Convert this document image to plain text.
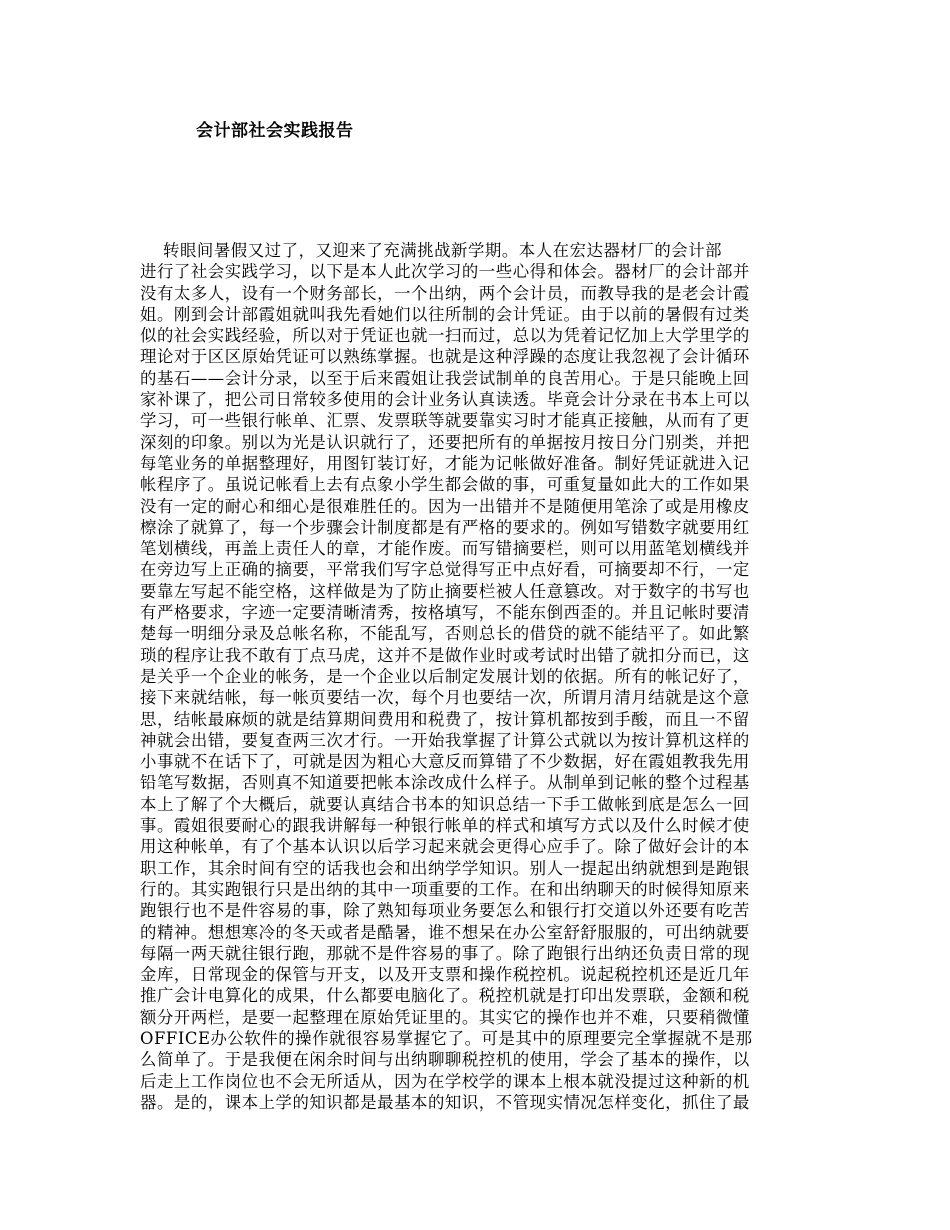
会计部社会实践报告
转眼间暑假又过了，又迎来了充满挑战新学期。本人在宏达器材厂的会计部
进行了社会实践学习，以下是本人此次学习的一些心得和体会。器材厂的会计部并
没有太多人，设有一个财务部长，一个出纳，两个会计员，而教导我的是老会计霞
姐。刚到会计部霞姐就叫我先看她们以往所制的会计凭证。由于以前的暑假有过类
似的社会实践经验，所以对于凭证也就一扫而过，总以为凭着记忆加上大学里学的
理论对于区区原始凭证可以熟练掌握。也就是这种浮躁的态度让我忽视了会计循环
的基石——会计分录，以至于后来霞姐让我尝试制单的良苦用心。于是只能晚上回
家补课了，把公司日常较多使用的会计业务认真读透。毕竟会计分录在书本上可以
学习，可一些银行帐单、汇票、发票联等就要靠实习时才能真正接触，从而有了更
深刻的印象。别以为光是认识就行了，还要把所有的单据按月按日分门别类，并把
每笔业务的单据整理好，用图钉装订好，才能为记帐做好准备。制好凭证就进入记
帐程序了。虽说记帐看上去有点象小学生都会做的事，可重复量如此大的工作如果
没有一定的耐心和细心是很难胜任的。因为一出错并不是随便用笔涂了或是用橡皮
檫涂了就算了，每一个步骤会计制度都是有严格的要求的。例如写错数字就要用红
笔划横线，再盖上责任人的章，才能作废。而写错摘要栏，则可以用蓝笔划横线并
在旁边写上正确的摘要，平常我们写字总觉得写正中点好看，可摘要却不行，一定
要靠左写起不能空格，这样做是为了防止摘要栏被人任意篡改。对于数字的书写也
有严格要求，字迹一定要清晰清秀，按格填写，不能东倒西歪的。并且记帐时要清
楚每一明细分录及总帐名称，不能乱写，否则总长的借贷的就不能结平了。如此繁
琐的程序让我不敢有丁点马虎，这并不是做作业时或考试时出错了就扣分而已，这
是关乎一个企业的帐务，是一个企业以后制定发展计划的依据。所有的帐记好了，
接下来就结帐，每一帐页要结一次，每个月也要结一次，所谓月清月结就是这个意
思，结帐最麻烦的就是结算期间费用和税费了，按计算机都按到手酸，而且一不留
神就会出错，要复查两三次才行。一开始我掌握了计算公式就以为按计算机这样的
小事就不在话下了，可就是因为粗心大意反而算错了不少数据，好在霞姐教我先用
铅笔写数据，否则真不知道要把帐本涂改成什么样子。从制单到记帐的整个过程基
本上了解了个大概后，就要认真结合书本的知识总结一下手工做帐到底是怎么一回
事。霞姐很要耐心的跟我讲解每一种银行帐单的样式和填写方式以及什么时候才使
用这种帐单，有了个基本认识以后学习起来就会更得心应手了。除了做好会计的本
职工作，其余时间有空的话我也会和出纳学学知识。别人一提起出纳就想到是跑银
行的。其实跑银行只是出纳的其中一项重要的工作。在和出纳聊天的时候得知原来
跑银行也不是件容易的事，除了熟知每项业务要怎么和银行打交道以外还要有吃苦
的精神。想想寒冷的冬天或者是酷暑，谁不想呆在办公室舒舒服服的，可出纳就要
每隔一两天就往银行跑，那就不是件容易的事了。除了跑银行出纳还负责日常的现
金库，日常现金的保管与开支，以及开支票和操作税控机。说起税控机还是近几年
推广会计电算化的成果，什么都要电脑化了。税控机就是打印出发票联，金额和税
额分开两栏，是要一起整理在原始凭证里的。其实它的操作也并不难，只要稍微懂
OFFICE办公软件的操作就很容易掌握它了。可是其中的原理要完全掌握就不是那
么简单了。于是我便在闲余时间与出纳聊聊税控机的使用，学会了基本的操作，以
后走上工作岗位也不会无所适从，因为在学校学的课本上根本就没提过这种新的机
器。是的，课本上学的知识都是最基本的知识，不管现实情况怎样变化，抓住了最
